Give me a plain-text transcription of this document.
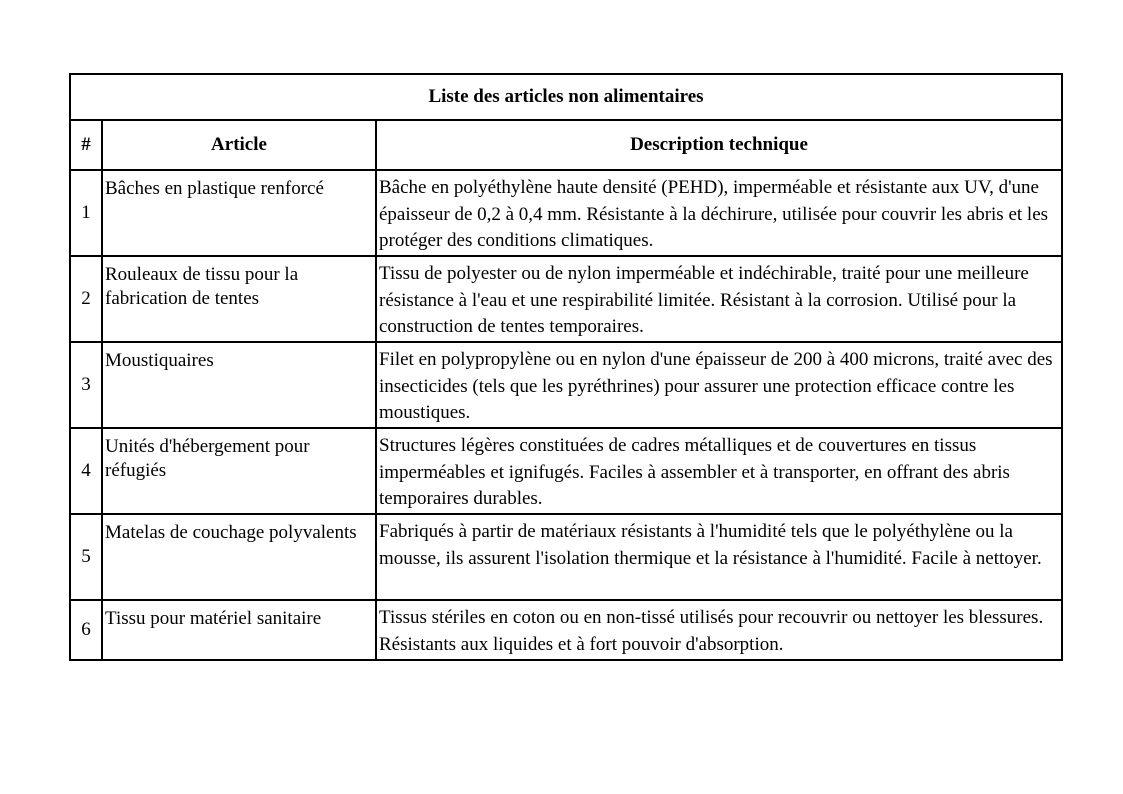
Liste des articles non alimentaires		
#	Article	Description technique
1	Bâches en plastique renforcé	Bâche en polyéthylène haute densité (PEHD), imperméable et résistante aux UV, d'une épaisseur de 0,2 à 0,4 mm. Résistante à la déchirure, utilisée pour couvrir les abris et les protéger des conditions climatiques.
2	Rouleaux de tissu pour la fabrication de tentes	Tissu de polyester ou de nylon imperméable et indéchirable, traité pour une meilleure résistance à l'eau et une respirabilité limitée. Résistant à la corrosion. Utilisé pour la construction de tentes temporaires.
3	Moustiquaires	Filet en polypropylène ou en nylon d'une épaisseur de 200 à 400 microns, traité avec des insecticides (tels que les pyréthrines) pour assurer une protection efficace contre les moustiques.
4	Unités d'hébergement pour réfugiés	Structures légères constituées de cadres métalliques et de couvertures en tissus imperméables et ignifugés. Faciles à assembler et à transporter, en offrant des abris temporaires durables.
5	Matelas de couchage polyvalents	Fabriqués à partir de matériaux résistants à l'humidité tels que le polyéthylène ou la mousse, ils assurent l'isolation thermique et la résistance à l'humidité. Facile à nettoyer.
6	Tissu pour matériel sanitaire	Tissus stériles en coton ou en non-tissé utilisés pour recouvrir ou nettoyer les blessures. Résistants aux liquides et à fort pouvoir d'absorption.
